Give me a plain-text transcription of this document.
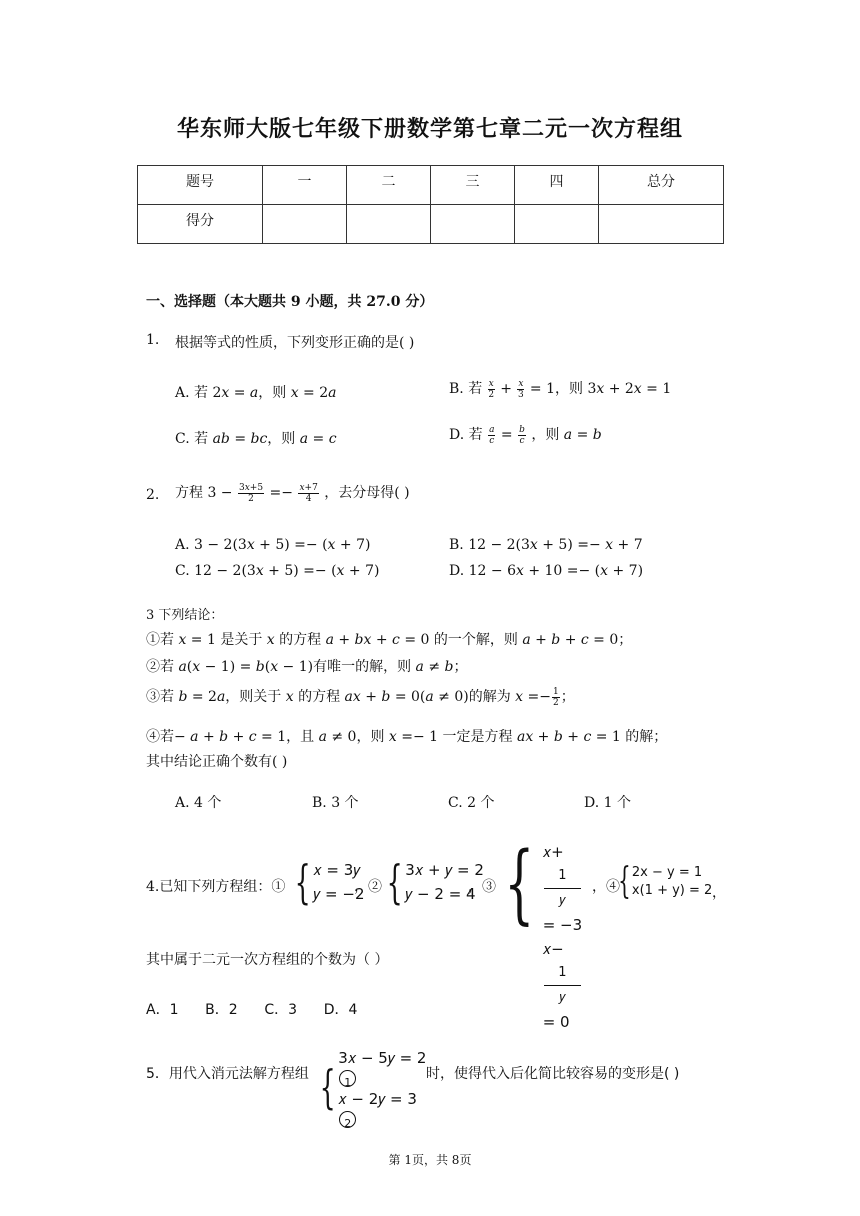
华东师大版七年级下册数学第七章二元一次方程组
题号	一	二	三	四	总分
得分					
一、选择题（本大题共 9 小题，共 27.0 分）
1. 根据等式的性质，下列变形正确的是( )
A. 若 2𝑥 = 𝑎，则 𝑥 = 2𝑎	B. 若 $\frac{\text{𝑥}}{2} + \frac{\text{𝑥}}{3} = 1$，则 3𝑥 + 2𝑥 = 1
C. 若 𝑎𝑏 = 𝑏𝑐，则 𝑎 = 𝑐	D. 若 $\frac{\text{𝑎}}{\text{𝑐}} = \frac{\text{𝑏}}{\text{𝑐}}$ ，则 𝑎 = 𝑏
2. 方程 $3 - \frac{\text{3𝑥+5}}{2} =- \frac{\text{𝑥+7}}{4}$ ，去分母得( )
A. 3 − 2(3𝑥 + 5) =− (𝑥 + 7)	B. 12 − 2(3𝑥 + 5) =− 𝑥 + 7
C. 12 − 2(3𝑥 + 5) =− (𝑥 + 7)	D. 12 − 6𝑥 + 10 =− (𝑥 + 7)
3 下列结论：
①若 𝑥 = 1 是关于 𝑥 的方程 𝑎 + 𝑏𝑥 + 𝑐 = 0 的一个解，则 𝑎 + 𝑏 + 𝑐 = 0；
②若 𝑎(𝑥 − 1) = 𝑏(𝑥 − 1)有唯一的解，则 𝑎 ≠ 𝑏；
③若 𝑏 = 2𝑎，则关于 𝑥 的方程 𝑎𝑥 + 𝑏 = 0(𝑎 ≠ 0)的解为 𝑥 =− $\frac{1}{2}$ ；
④若− 𝑎 + 𝑏 + 𝑐 = 1，且 𝑎 ≠ 0，则 𝑥 =− 1 一定是方程 𝑎𝑥 + 𝑏 + 𝑐 = 1 的解；
其中结论正确个数有( )
A. 4 个	B. 3 个	C. 2 个	D. 1 个
4.已知下列方程组：① { 𝑥 = 3𝑦
𝑦 = −2
，② { 3𝑥 + 𝑦 = 2
𝑦 − 2 = 4
，③ { 𝑥+
1
𝑦
= −3
𝑥−
1
𝑦
= 0
，④
{ 2x − y = 1
x(1 + y) = 2 ，
其中属于二元一次方程组的个数为（ ）
A．1      B．2      C．3      D．4
5．用代入消元法解方程组 {
3𝑥 − 5𝑦 = 2
1
𝑥 − 2𝑦 = 3
2
时，使得代入后化简比较容易的变形是( )
第 1页，共 8页
